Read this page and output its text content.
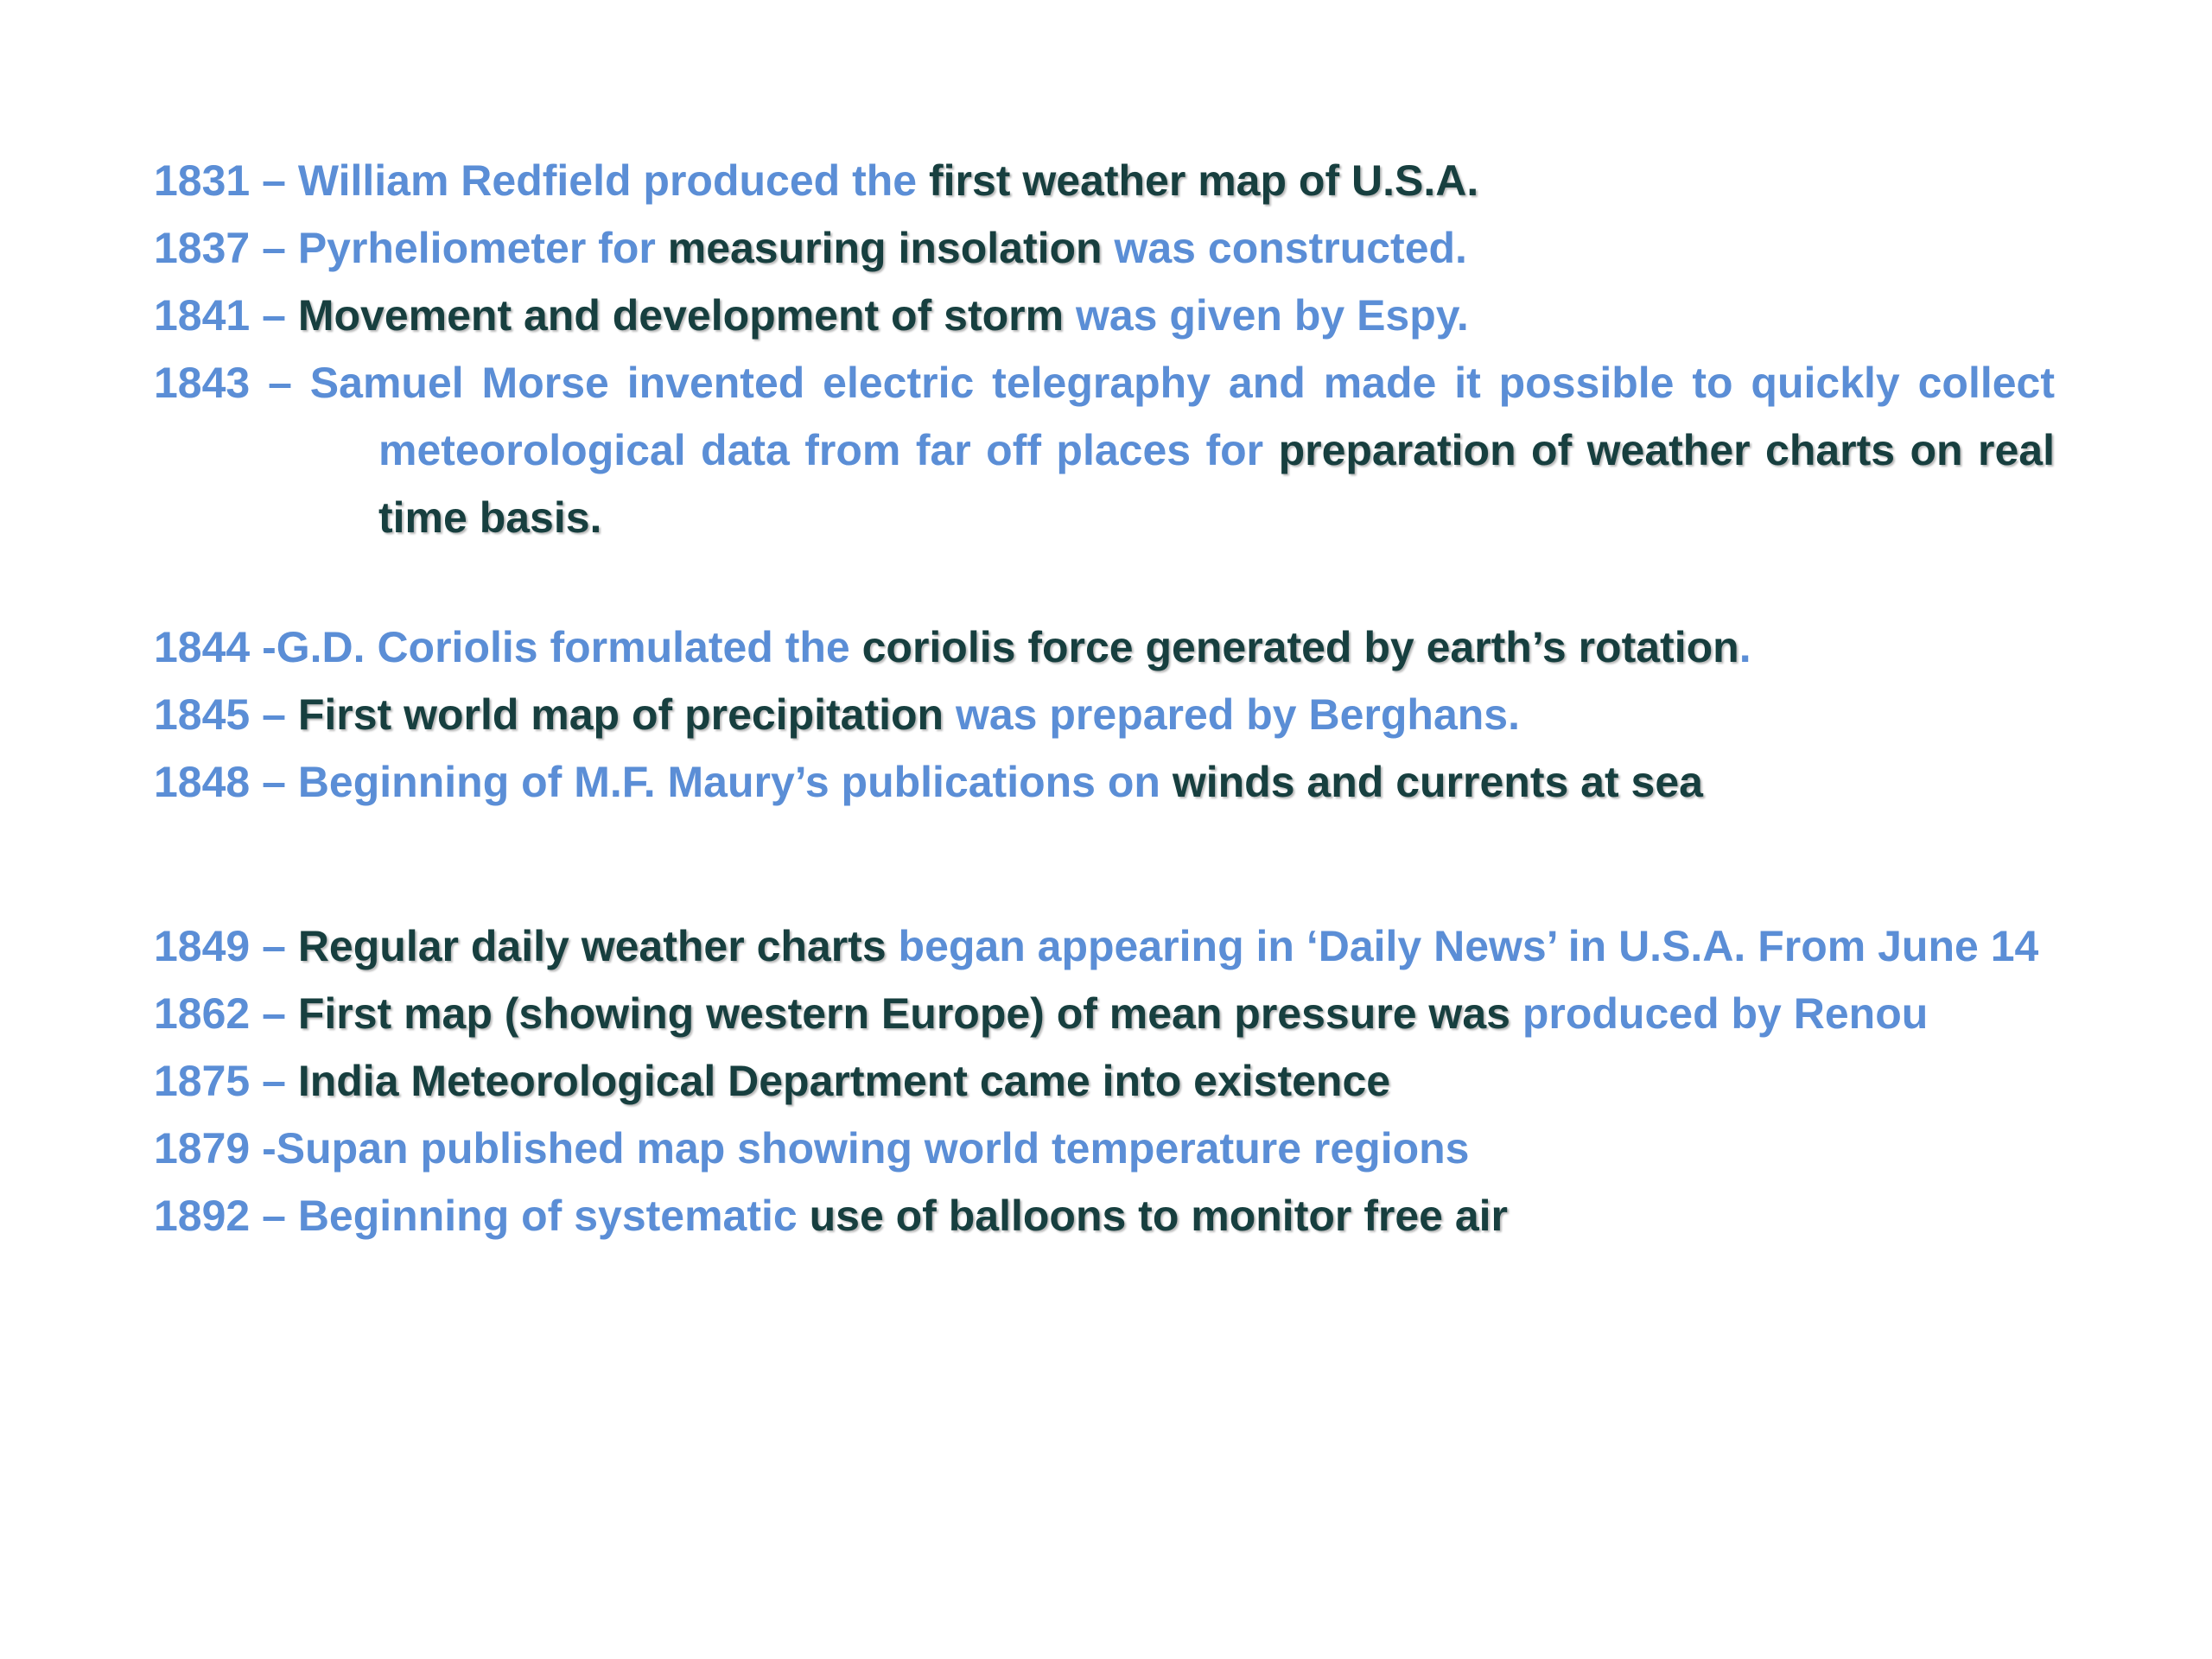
1831 – William Redfield produced the first weather map of U.S.A.

1837 – Pyrheliometer for measuring insolation was constructed.

1841 – Movement and development of storm was given by Espy.

1843 – Samuel Morse invented electric telegraphy and made it possible to quickly collect meteorological data from far off places for preparation of weather charts on real time basis.

1844 -G.D. Coriolis formulated the coriolis force generated by earth’s rotation.

1845 – First world map of precipitation was prepared by Berghans.

1848 – Beginning of M.F. Maury’s publications on winds and currents at sea

1849 – Regular daily weather charts began appearing in ‘Daily News’ in U.S.A. From June 14

1862 – First map (showing western Europe) of mean pressure was produced by Renou

1875 – India Meteorological Department came into existence

1879 -Supan published map showing world temperature regions

1892 – Beginning of systematic use of balloons to monitor free air
